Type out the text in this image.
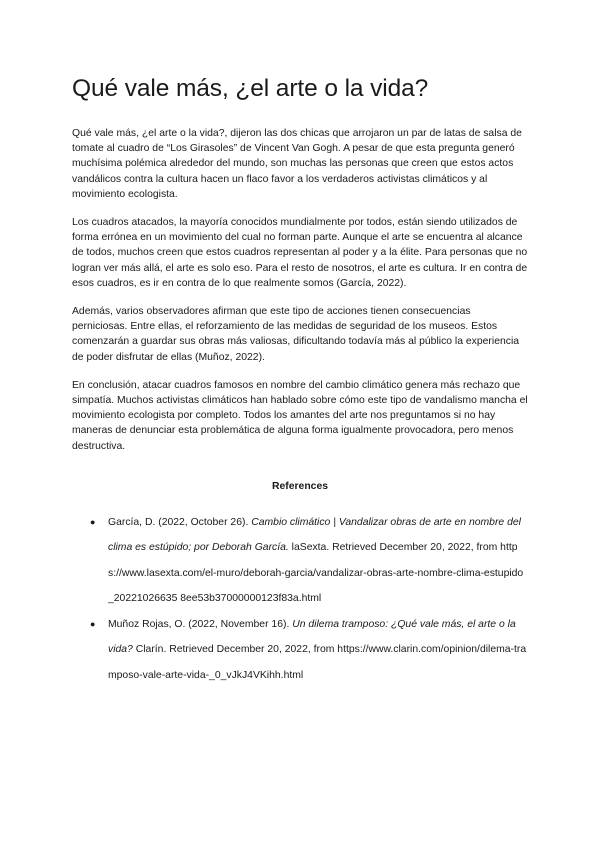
Qué vale más, ¿el arte o la vida?

Qué vale más, ¿el arte o la vida?, dijeron las dos chicas que arrojaron un par de latas de salsa de tomate al cuadro de “Los Girasoles” de Vincent Van Gogh. A pesar de que esta pregunta generó muchísima polémica alrededor del mundo, son muchas las personas que creen que estos actos vandálicos contra la cultura hacen un flaco favor a los verdaderos activistas climáticos y al movimiento ecologista.

Los cuadros atacados, la mayoría conocidos mundialmente por todos, están siendo utilizados de forma errónea en un movimiento del cual no forman parte. Aunque el arte se encuentra al alcance de todos, muchos creen que estos cuadros representan al poder y a la élite. Para personas que no logran ver más allá, el arte es solo eso. Para el resto de nosotros, el arte es cultura. Ir en contra de esos cuadros, es ir en contra de lo que realmente somos (García, 2022).

Además, varios observadores afirman que este tipo de acciones tienen consecuencias perniciosas. Entre ellas, el reforzamiento de las medidas de seguridad de los museos. Estos comenzarán a guardar sus obras más valiosas, dificultando todavía más al público la experiencia de poder disfrutar de ellas (Muñoz, 2022).

En conclusión, atacar cuadros famosos en nombre del cambio climático genera más rechazo que simpatía. Muchos activistas climáticos han hablado sobre cómo este tipo de vandalismo mancha el movimiento ecologista por completo. Todos los amantes del arte nos preguntamos si no hay maneras de denunciar esta problemática de alguna forma igualmente provocadora, pero menos destructiva.

References
● García, D. (2022, October 26). Cambio climático | Vandalizar obras de arte en nombre del clima es estúpido; por Deborah García. laSexta. Retrieved December 20, 2022, from https://www.lasexta.com/el-muro/deborah-garcia/vandalizar-obras-arte-nombre-clima-estupido_20221026635 8ee53b37000000123f83a.html
● Muñoz Rojas, O. (2022, November 16). Un dilema tramposo: ¿Qué vale más, el arte o la vida? Clarín. Retrieved December 20, 2022, from https://www.clarin.com/opinion/dilema-tramposo-vale-arte-vida-_0_vJkJ4VKihh.html
